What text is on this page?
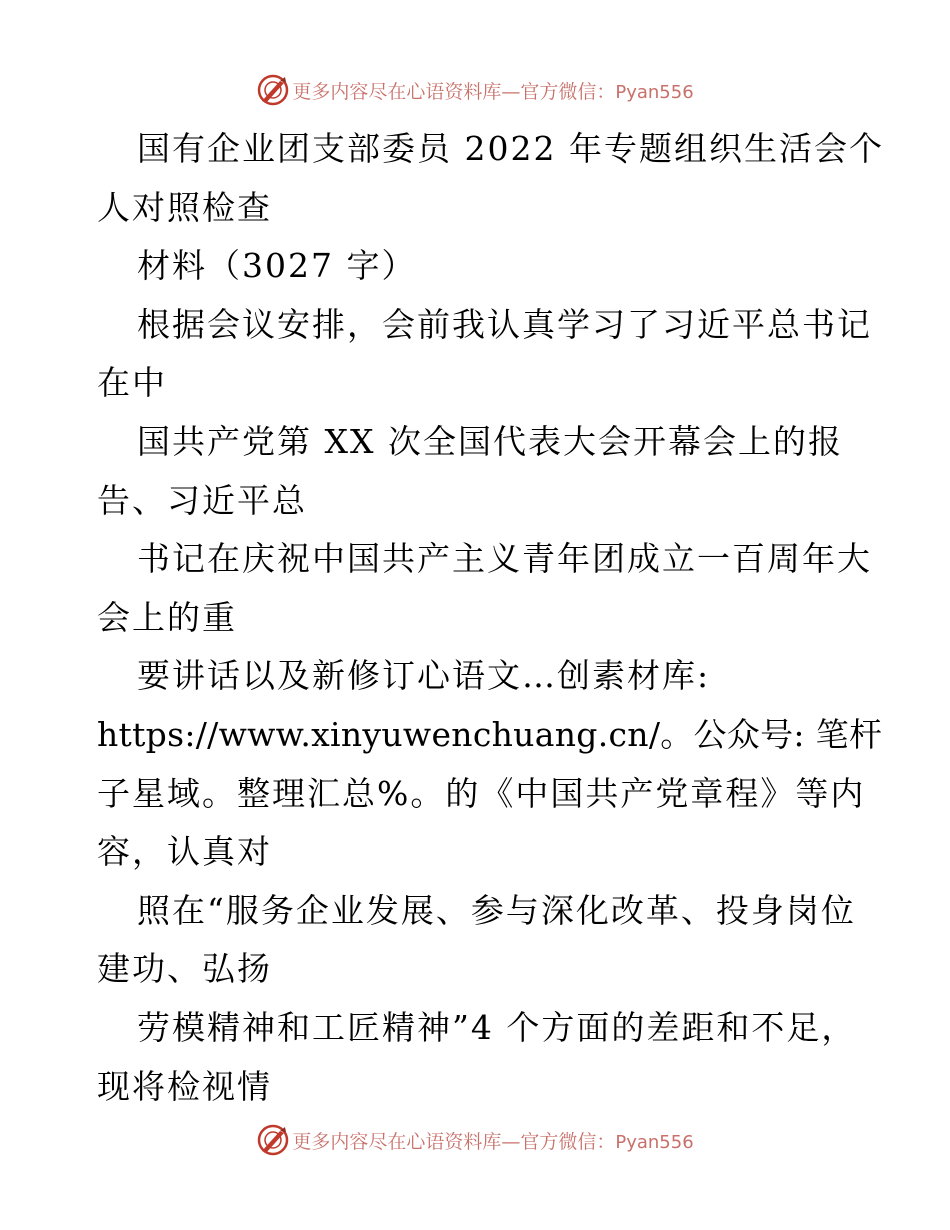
更多内容尽在心语资料库—官方微信：Pyan556
国有企业团支部委员 2022 年专题组织生活会个
人对照检查
材料（3027 字）
根据会议安排，会前我认真学习了习近平总书记
在中
国共产党第 XX 次全国代表大会开幕会上的报
告、习近平总
书记在庆祝中国共产主义青年团成立一百周年大
会上的重
要讲话以及新修订心语文…创素材库:
https://www.xinyuwenchuang.cn/。公众号: 笔杆
子星域。整理汇总%。的《中国共产党章程》等内
容，认真对
照在“服务企业发展、参与深化改革、投身岗位
建功、弘扬
劳模精神和工匠精神”4 个方面的差距和不足，
现将检视情
更多内容尽在心语资料库—官方微信：Pyan556
